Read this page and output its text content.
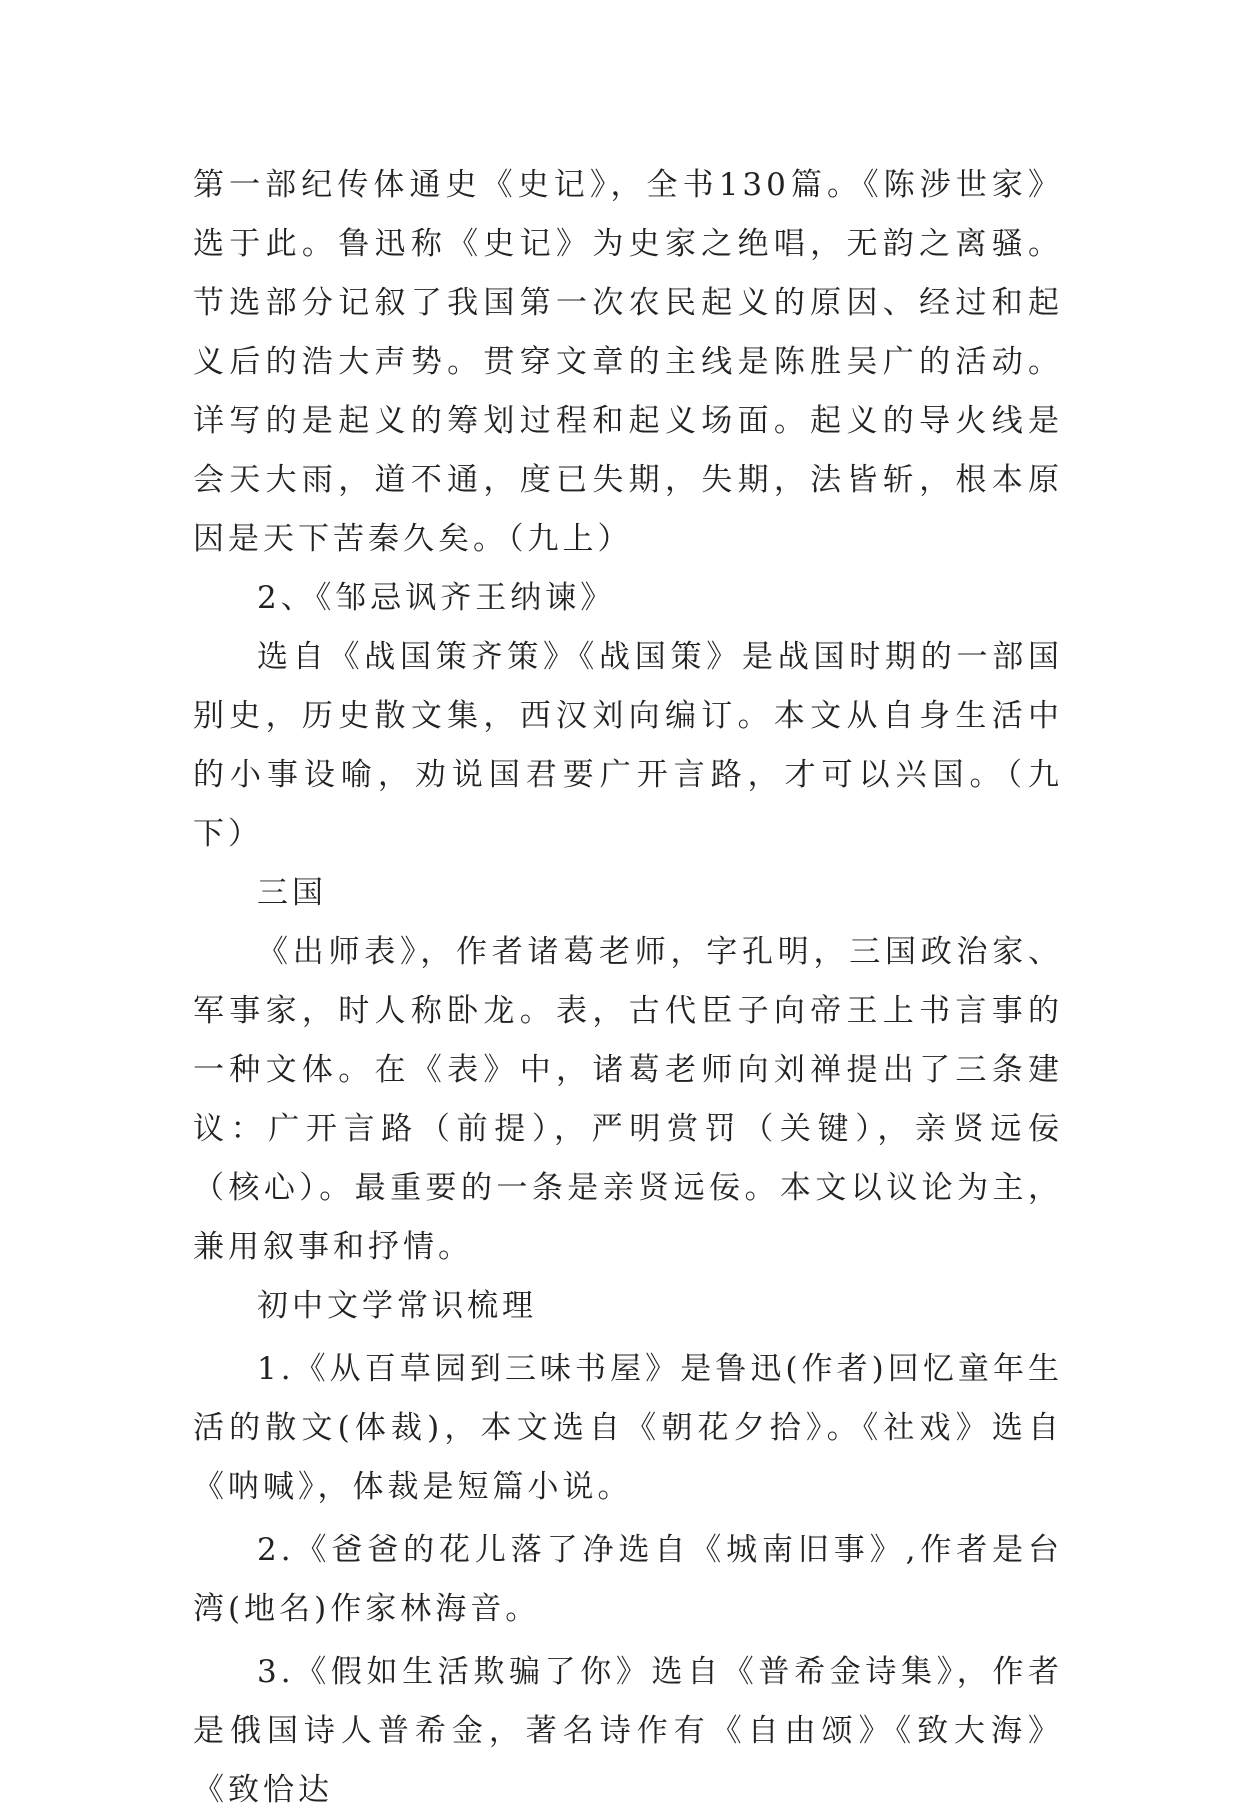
第一部纪传体通史《史记》，全书130篇。《陈涉世家》选于此。鲁迅称《史记》为史家之绝唱，无韵之离骚。节选部分记叙了我国第一次农民起义的原因、经过和起义后的浩大声势。贯穿文章的主线是陈胜吴广的活动。详写的是起义的筹划过程和起义场面。起义的导火线是会天大雨，道不通，度已失期，失期，法皆斩，根本原因是天下苦秦久矣。（九上）

2、《邹忌讽齐王纳谏》

选自《战国策齐策》《战国策》是战国时期的一部国别史，历史散文集，西汉刘向编订。本文从自身生活中的小事设喻，劝说国君要广开言路，才可以兴国。（九下）

三国

《出师表》，作者诸葛老师，字孔明，三国政治家、军事家，时人称卧龙。表，古代臣子向帝王上书言事的一种文体。在《表》中，诸葛老师向刘禅提出了三条建议：广开言路（前提），严明赏罚（关键），亲贤远佞（核心）。最重要的一条是亲贤远佞。本文以议论为主，兼用叙事和抒情。

初中文学常识梳理

1.《从百草园到三味书屋》是鲁迅(作者)回忆童年生活的散文(体裁)，本文选自《朝花夕拾》。《社戏》选自《呐喊》，体裁是短篇小说。

2.《爸爸的花儿落了净选自《城南旧事》,作者是台湾(地名)作家林海音。

3.《假如生活欺骗了你》选自《普希金诗集》，作者是俄国诗人普希金，著名诗作有《自由颂》《致大海》《致恰达
